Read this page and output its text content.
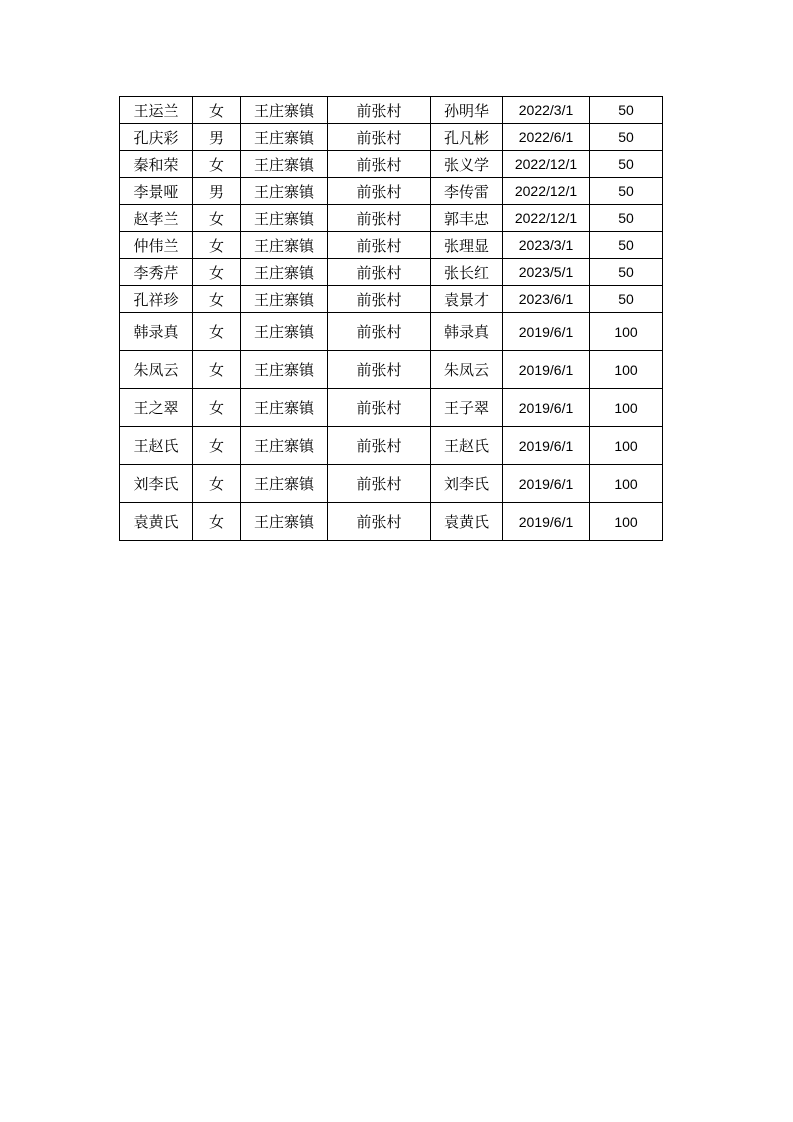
王运兰	女	王庄寨镇	前张村	孙明华	2022/3/1	50
孔庆彩	男	王庄寨镇	前张村	孔凡彬	2022/6/1	50
秦和荣	女	王庄寨镇	前张村	张义学	2022/12/1	50
李景哑	男	王庄寨镇	前张村	李传雷	2022/12/1	50
赵孝兰	女	王庄寨镇	前张村	郭丰忠	2022/12/1	50
仲伟兰	女	王庄寨镇	前张村	张理显	2023/3/1	50
李秀芹	女	王庄寨镇	前张村	张长红	2023/5/1	50
孔祥珍	女	王庄寨镇	前张村	袁景才	2023/6/1	50
韩录真	女	王庄寨镇	前张村	韩录真	2019/6/1	100
朱凤云	女	王庄寨镇	前张村	朱凤云	2019/6/1	100
王之翠	女	王庄寨镇	前张村	王子翠	2019/6/1	100
王赵氏	女	王庄寨镇	前张村	王赵氏	2019/6/1	100
刘李氏	女	王庄寨镇	前张村	刘李氏	2019/6/1	100
袁黄氏	女	王庄寨镇	前张村	袁黄氏	2019/6/1	100
